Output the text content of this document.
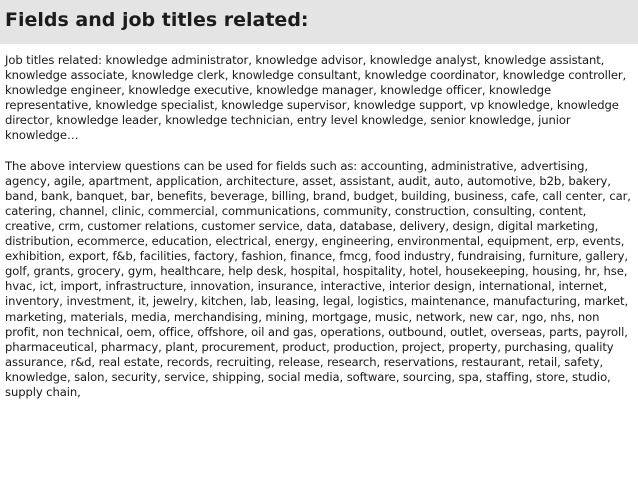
Fields and job titles related:

Job titles related: knowledge administrator, knowledge advisor, knowledge analyst, knowledge assistant, knowledge associate, knowledge clerk, knowledge consultant, knowledge coordinator, knowledge controller, knowledge engineer, knowledge executive, knowledge manager, knowledge officer, knowledge representative, knowledge specialist, knowledge supervisor, knowledge support, vp knowledge, knowledge director, knowledge leader, knowledge technician, entry level knowledge, senior knowledge, junior knowledge…

The above interview questions can be used for fields such as: accounting, administrative, advertising, agency, agile, apartment, application, architecture, asset, assistant, audit, auto, automotive, b2b, bakery, band, bank, banquet, bar, benefits, beverage, billing, brand, budget, building, business, cafe, call center, car, catering, channel, clinic, commercial, communications, community, construction, consulting, content, creative, crm, customer relations, customer service, data, database, delivery, design, digital marketing, distribution, ecommerce, education, electrical, energy, engineering, environmental, equipment, erp, events, exhibition, export, f&b, facilities, factory, fashion, finance, fmcg, food industry, fundraising, furniture, gallery, golf, grants, grocery, gym, healthcare, help desk, hospital, hospitality, hotel, housekeeping, housing, hr, hse, hvac, ict, import, infrastructure, innovation, insurance, interactive, interior design, international, internet, inventory, investment, it, jewelry, kitchen, lab, leasing, legal, logistics, maintenance, manufacturing, market, marketing, materials, media, merchandising, mining, mortgage, music, network, new car, ngo, nhs, non profit, non technical, oem, office, offshore, oil and gas, operations, outbound, outlet, overseas, parts, payroll, pharmaceutical, pharmacy, plant, procurement, product, production, project, property, purchasing, quality assurance, r&d, real estate, records, recruiting, release, research, reservations, restaurant, retail, safety, knowledge, salon, security, service, shipping, social media, software, sourcing, spa, staffing, store, studio, supply chain,
